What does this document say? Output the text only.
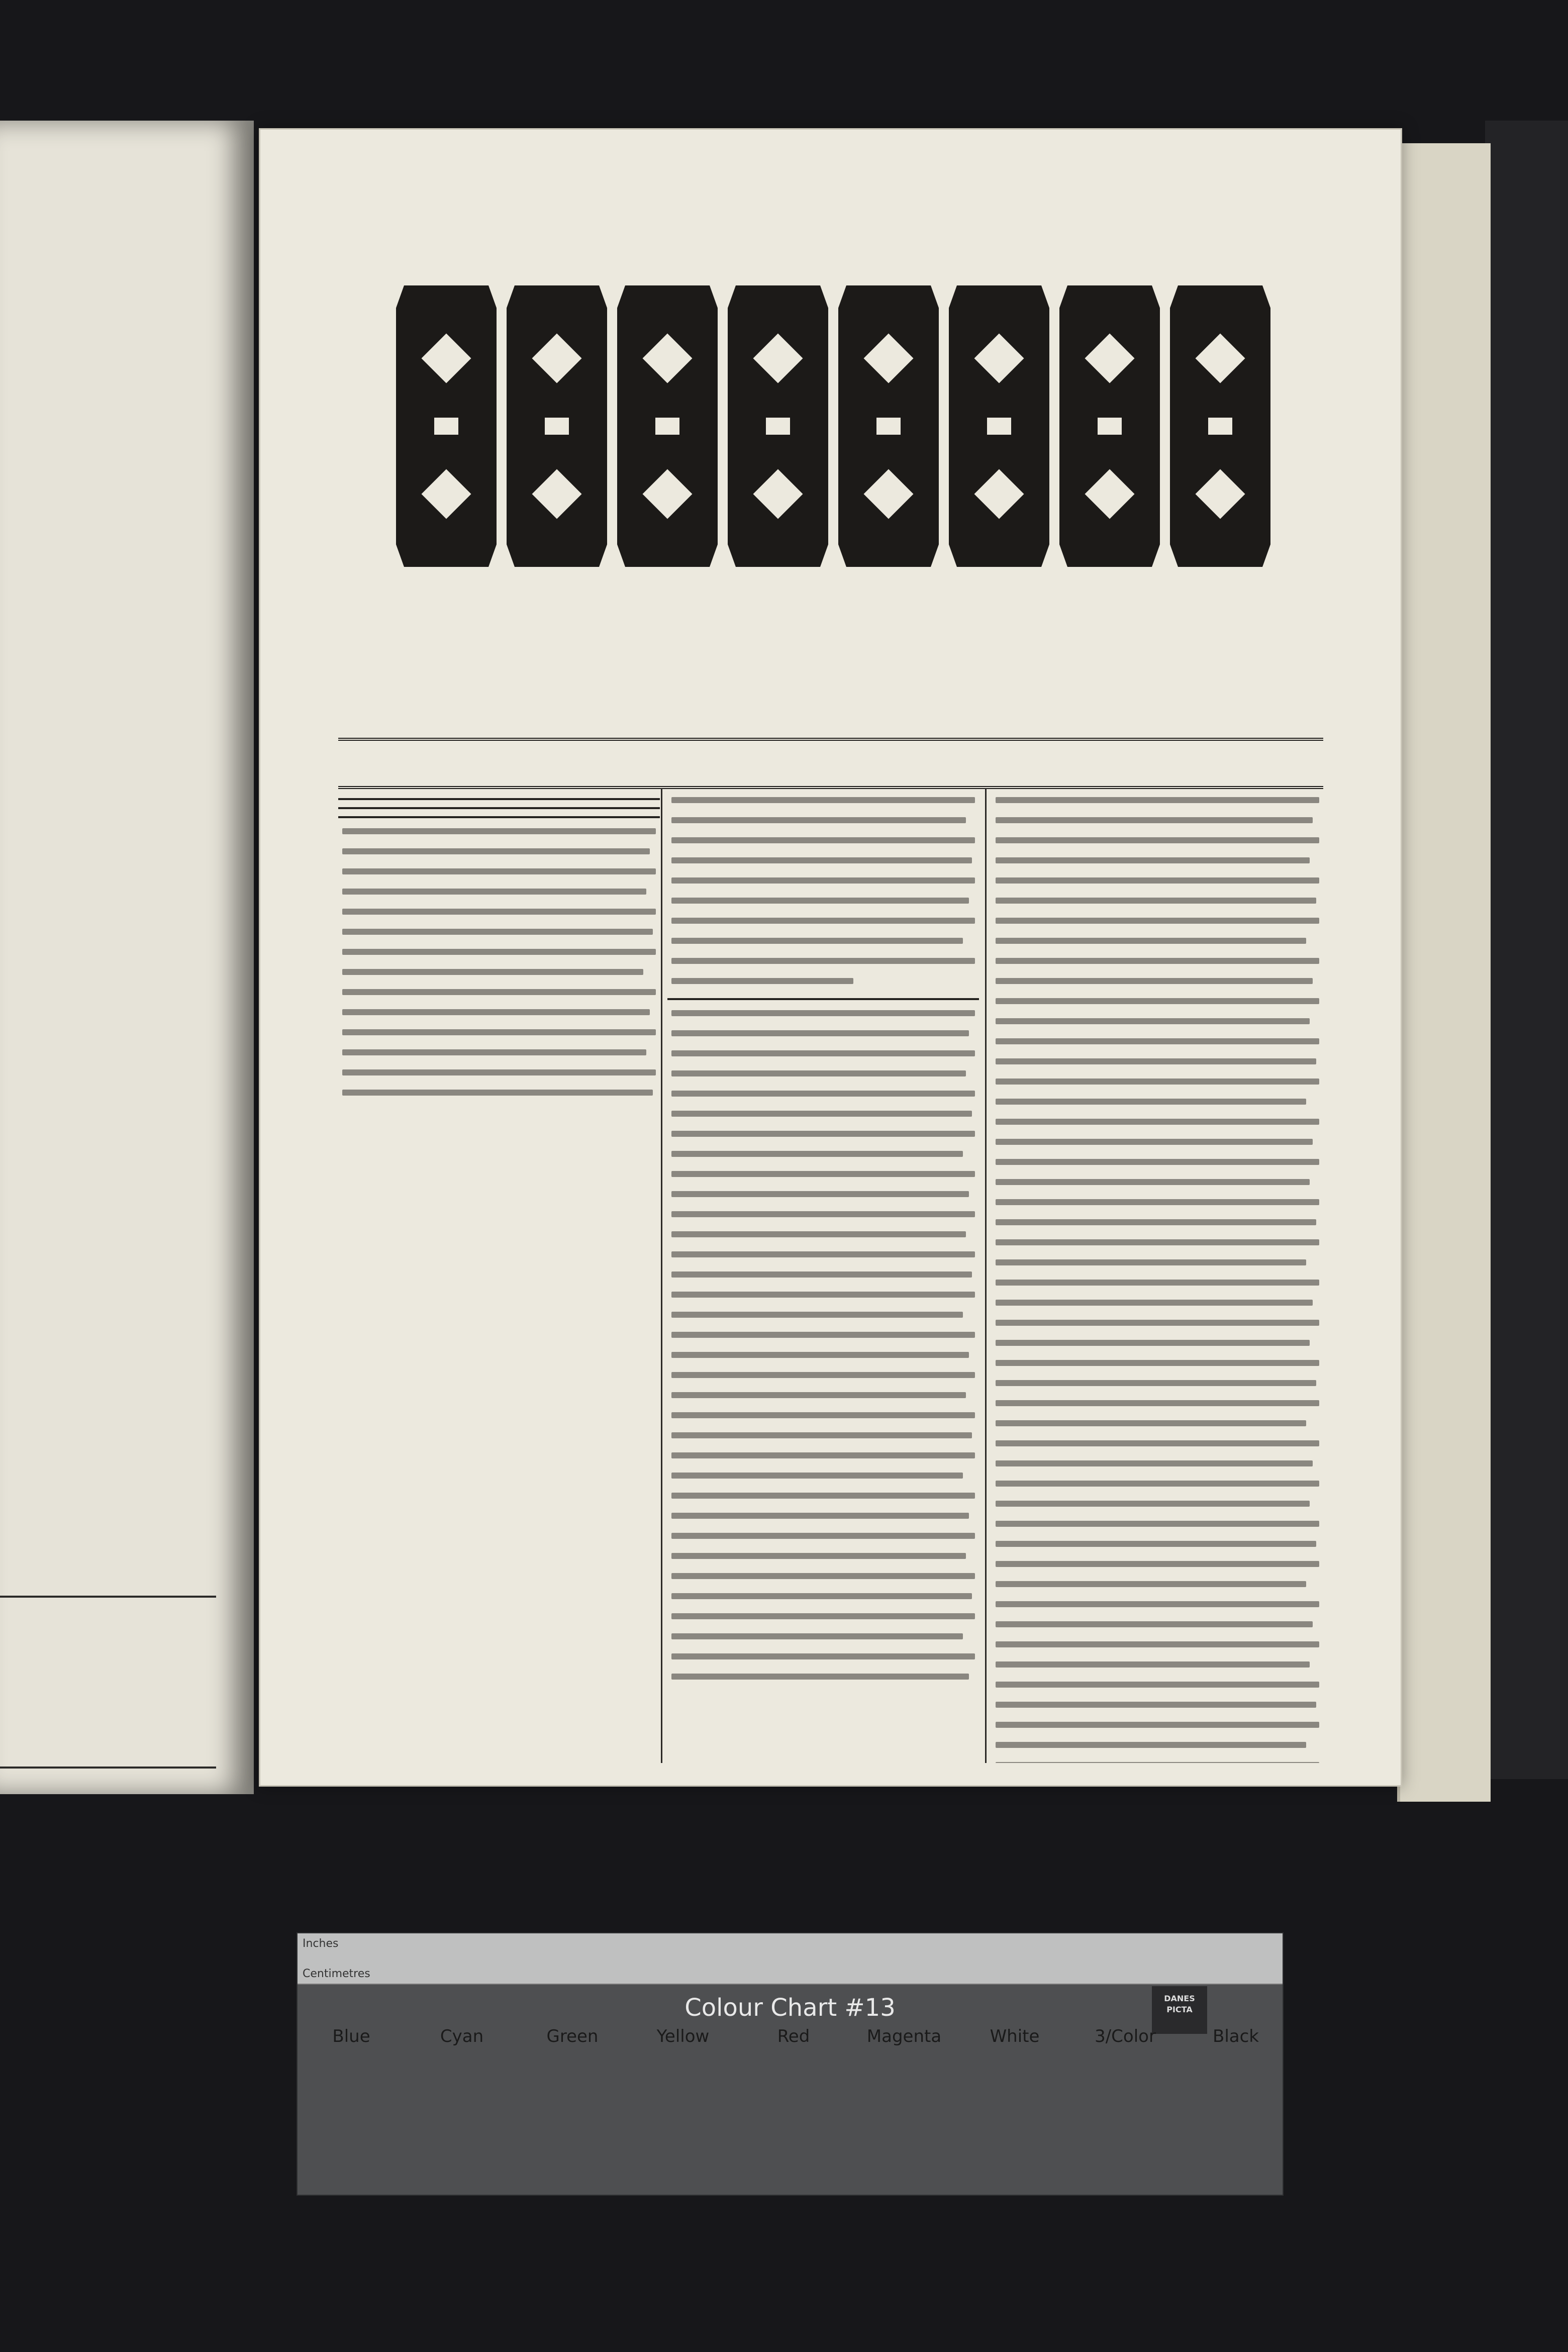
Inches
Centimetres
Colour Chart #13	DANES
PICTA
Blue	Cyan	Green	Yellow	Red	Magenta	White	3/Color	Black
